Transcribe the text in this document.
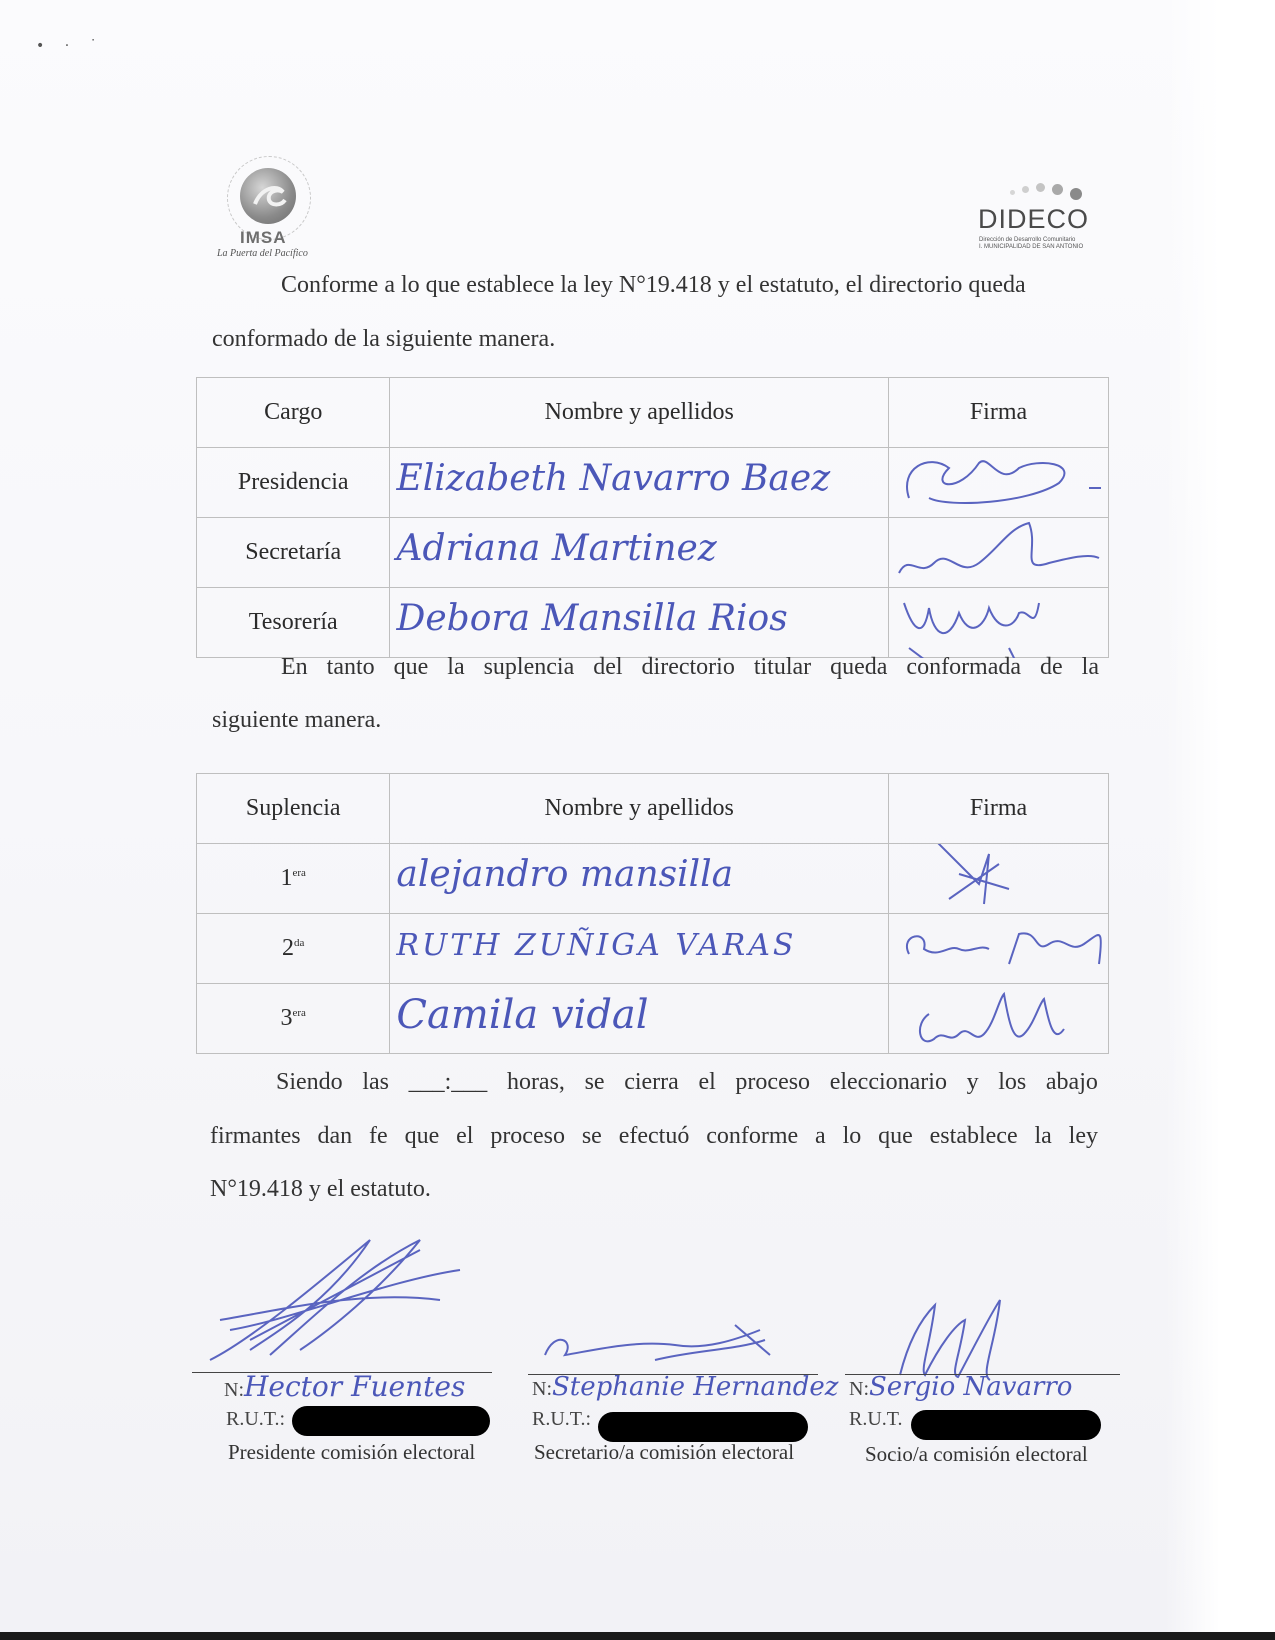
• · ˙
IMSA
La Puerta del Pacífico
DIDECO
Dirección de Desarrollo Comunitario
I. MUNICIPALIDAD DE SAN ANTONIO
Conforme a lo que establece la ley N°19.418 y el estatuto, el directorio queda
conformado de la siguiente manera.
Cargo	Nombre y apellidos	Firma
Presidencia	Elizabeth Navarro Baez

Secretaría	Adriana Martinez

Tesorería	Debora Mansilla Rios

En tanto que la suplencia del directorio titular queda conformada de la
siguiente manera.
Suplencia	Nombre y apellidos	Firma
$1^{era}$	alejandro mansilla

$2^{da}$	RUTH ZUÑIGA VARAS

$3^{era}$	Camila vidal

Siendo las ___:___ horas, se cierra el proceso eleccionario y los abajo
firmantes dan fe que el proceso se efectuó conforme a lo que establece la ley
N°19.418 y el estatuto.
N:Hector Fuentes
R.U.T.:
Presidente comisión electoral
N:Stephanie Hernandez
R.U.T.:
Secretario/a comisión electoral
N:Sergio Navarro
R.U.T.
Socio/a comisión electoral
